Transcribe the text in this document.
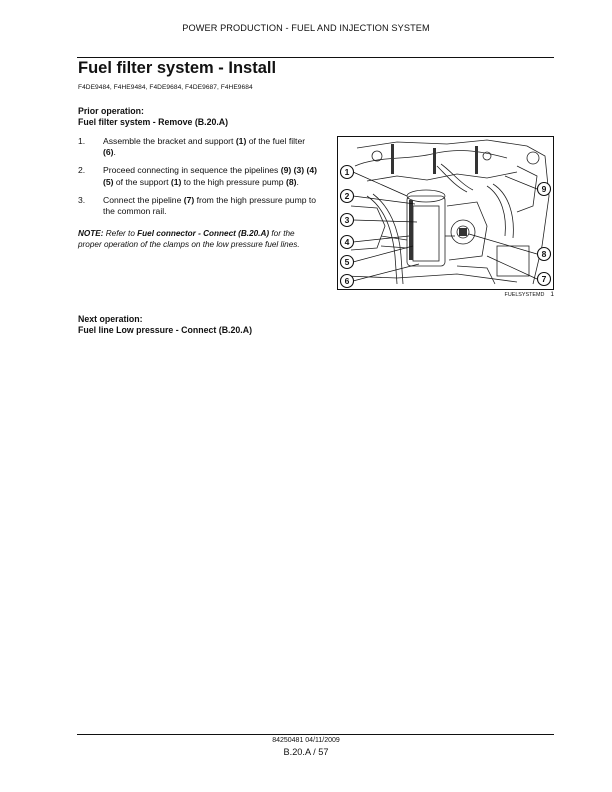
POWER PRODUCTION - FUEL AND INJECTION SYSTEM
Fuel filter system - Install
F4DE9484, F4HE9484, F4DE9684, F4DE9687, F4HE9684
Prior operation:
Fuel filter system - Remove (B.20.A)
1. Assemble the bracket and support (1) of the fuel filter (6).
2. Proceed connecting in sequence the pipelines (9) (3) (4) (5) of the support (1) to the high pressure pump (8).
3. Connect the pipeline (7) from the high pressure pump to the common rail.
NOTE: Refer to Fuel connector - Connect (B.20.A) for the proper operation of the clamps on the low pressure fuel lines.
1
2
3
4
5
6	7
8
9
FUELSYSTEMD 1
Next operation:
Fuel line Low pressure - Connect (B.20.A)
84250481 04/11/2009
B.20.A / 57
